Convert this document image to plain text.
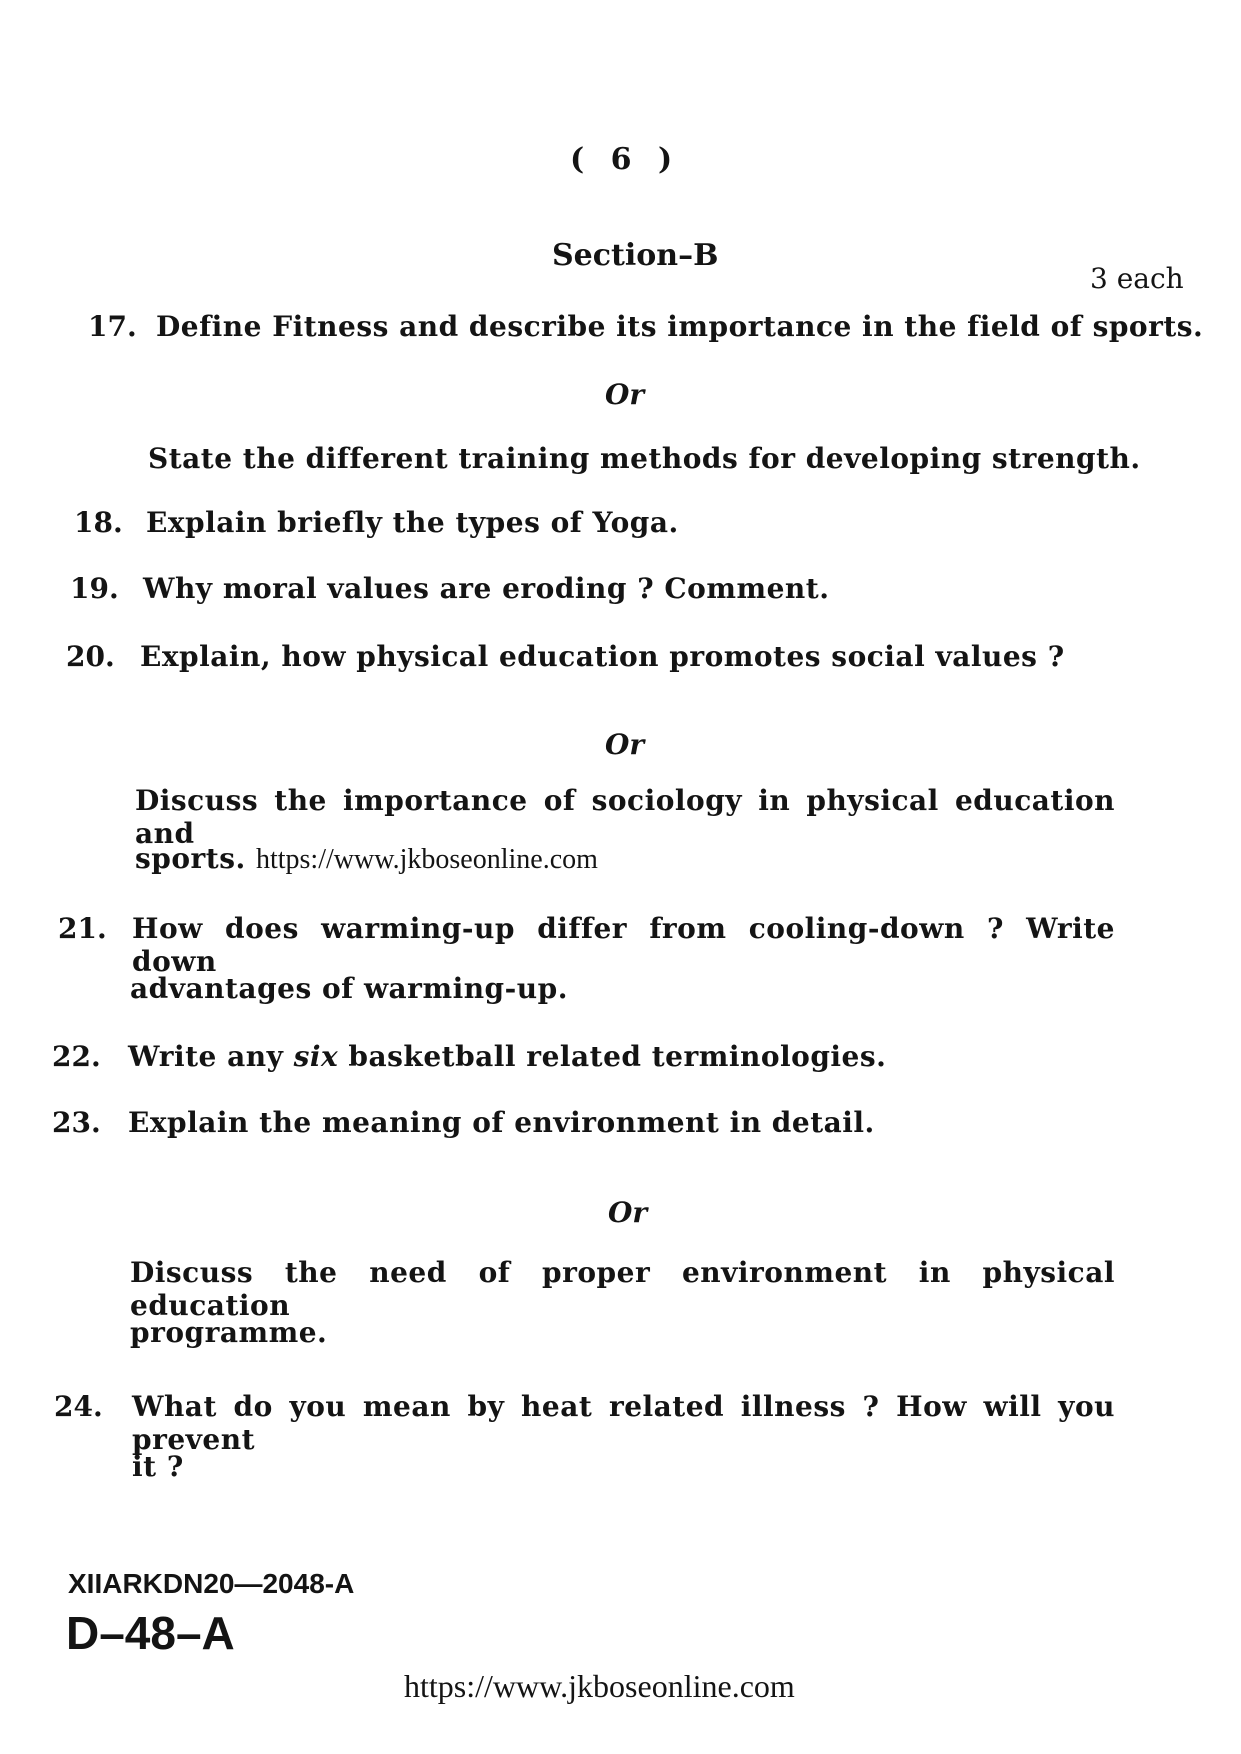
( 6 )
Section–B
3 each
17. Define Fitness and describe its importance in the field of sports.
Or
State the different training methods for developing strength.
18. Explain briefly the types of Yoga.
19. Why moral values are eroding ? Comment.
20. Explain, how physical education promotes social values ?
Or
Discuss the importance of sociology in physical education and
sports. https://www.jkboseonline.com
21. How does warming-up differ from cooling-down ? Write down
advantages of warming-up.
22. Write any six basketball related terminologies.
23. Explain the meaning of environment in detail.
Or
Discuss the need of proper environment in physical education
programme.
24. What do you mean by heat related illness ? How will you prevent
it ?
XIIARKDN20—2048-A
D–48–A
https://www.jkboseonline.com
